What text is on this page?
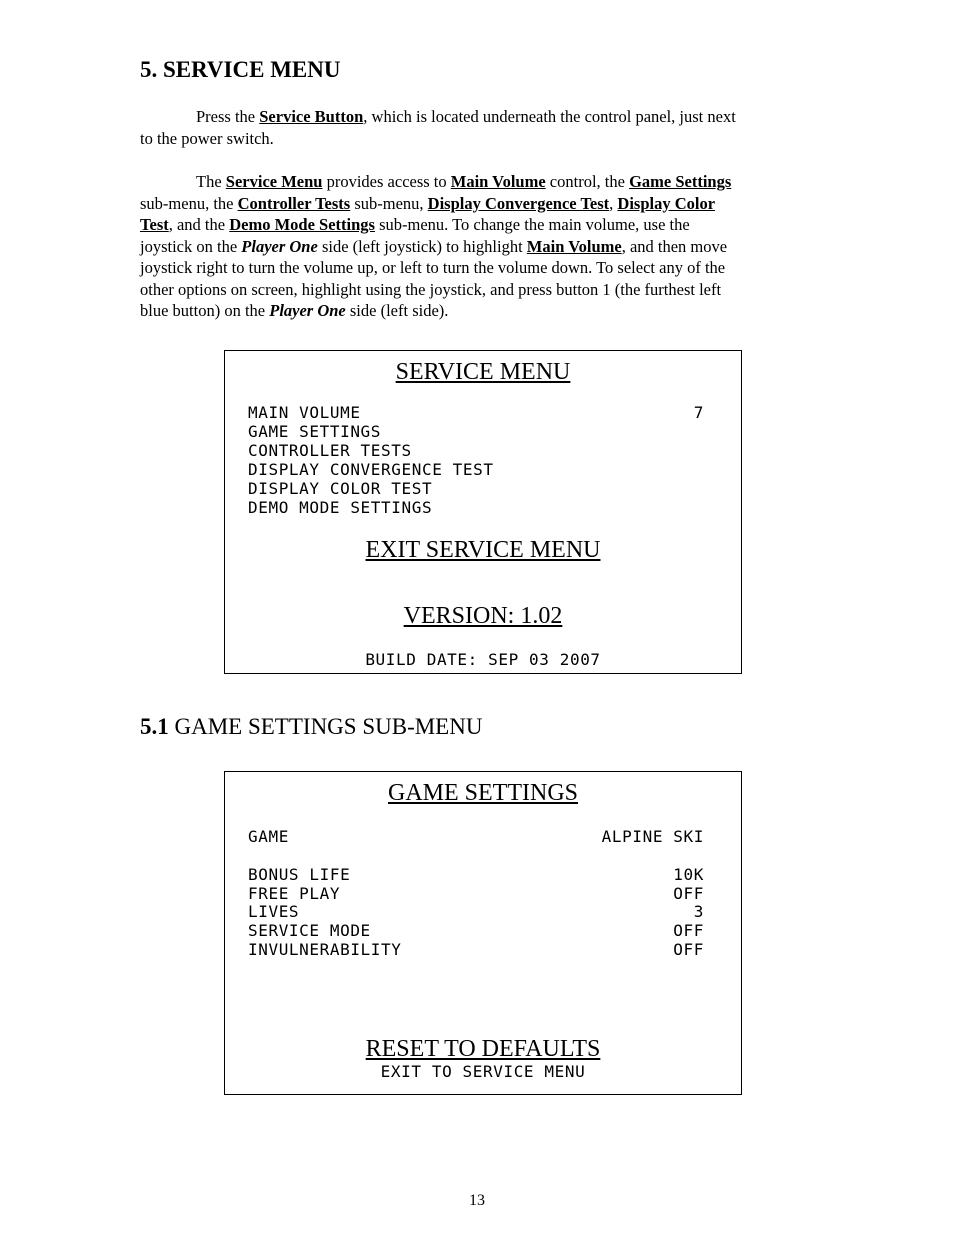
5. SERVICE MENU
Press the Service Button, which is located underneath the control panel, just next
to the power switch.
The Service Menu provides access to Main Volume control, the Game Settings
sub-menu, the Controller Tests sub-menu, Display Convergence Test, Display Color
Test, and the Demo Mode Settings sub-menu. To change the main volume, use the
joystick on the Player One side (left joystick) to highlight Main Volume, and then move
joystick right to turn the volume up, or left to turn the volume down. To select any of the
other options on screen, highlight using the joystick, and press button 1 (the furthest left
blue button) on the Player One side (left side).
SERVICE MENU
MAIN VOLUME	7
GAME SETTINGS
CONTROLLER TESTS
DISPLAY CONVERGENCE TEST
DISPLAY COLOR TEST
DEMO MODE SETTINGS
EXIT SERVICE MENU
VERSION: 1.02
BUILD DATE: SEP 03 2007
5.1 GAME SETTINGS SUB-MENU
GAME SETTINGS
GAME	ALPINE SKI
BONUS LIFE	10K
FREE PLAY	OFF
LIVES	3
SERVICE MODE	OFF
INVULNERABILITY	OFF
RESET TO DEFAULTS
EXIT TO SERVICE MENU
13
